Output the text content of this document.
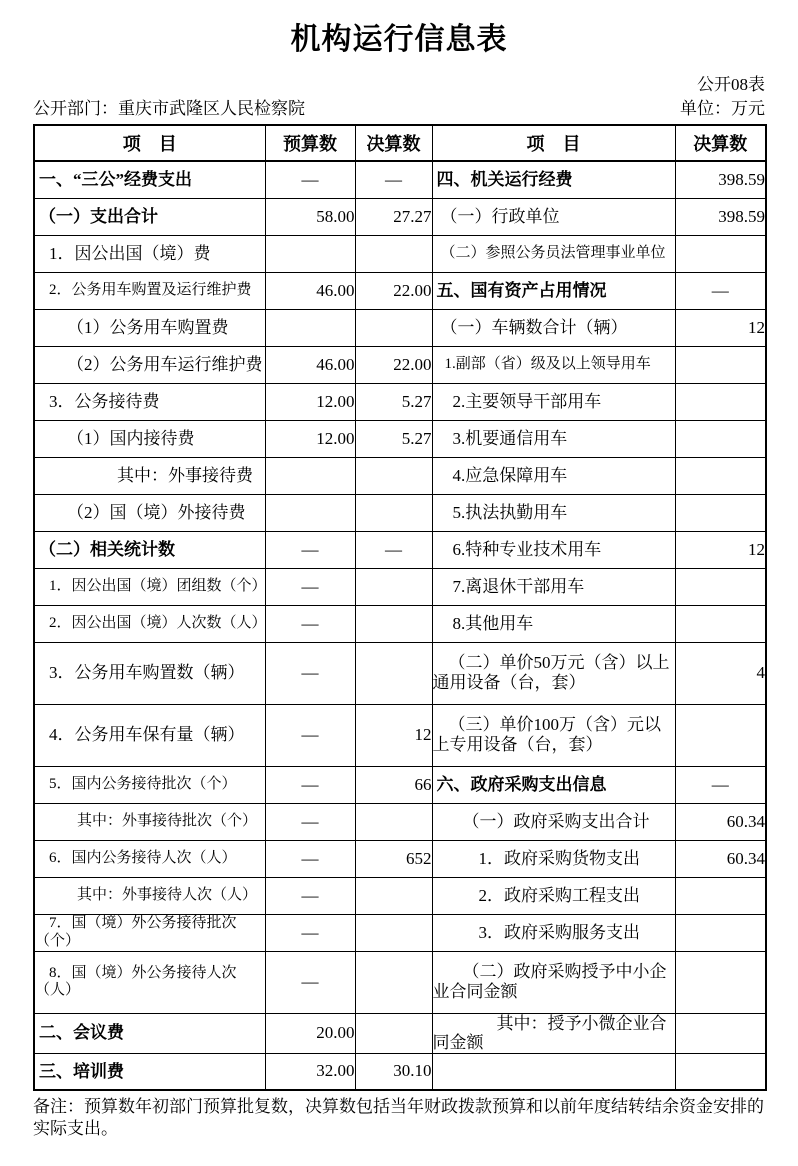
机构运行信息表
公开08表
公开部门：重庆市武隆区人民检察院	单位：万元
项　目	预算数	决算数	项　目	决算数
一、“三公”经费支出	—	—	四、机关运行经费	398.59
（一）支出合计	58.00	27.27	（一）行政单位	398.59
1．因公出国（境）费			（二）参照公务员法管理事业单位	
2．公务用车购置及运行维护费	46.00	22.00	五、国有资产占用情况	—
（1）公务用车购置费			（一）车辆数合计（辆）	12
（2）公务用车运行维护费	46.00	22.00	1.副部（省）级及以上领导用车	
3．公务接待费	12.00	5.27	2.主要领导干部用车	
（1）国内接待费	12.00	5.27	3.机要通信用车	
其中：外事接待费			4.应急保障用车	
（2）国（境）外接待费			5.执法执勤用车	
（二）相关统计数	—	—	6.特种专业技术用车	12
1．因公出国（境）团组数（个）	—		7.离退休干部用车	
2．因公出国（境）人次数（人）	—		8.其他用车	
3．公务用车购置数（辆）	—		（二）单价50万元（含）以上通用设备（台，套）	4
4．公务用车保有量（辆）	—	12	（三）单价100万（含）元以上专用设备（台，套）	
5．国内公务接待批次（个）	—	66	六、政府采购支出信息	—
其中：外事接待批次（个）	—		（一）政府采购支出合计	60.34
6．国内公务接待人次（人）	—	652	1．政府采购货物支出	60.34
其中：外事接待人次（人）	—		2．政府采购工程支出	
7．国（境）外公务接待批次（个）	—		3．政府采购服务支出	
8．国（境）外公务接待人次（人）	—		（二）政府采购授予中小企业合同金额	
二、会议费	20.00		其中：授予小微企业合同金额	
三、培训费	32.00	30.10		
备注：预算数年初部门预算批复数，决算数包括当年财政拨款预算和以前年度结转结余资金安排的实际支出。
